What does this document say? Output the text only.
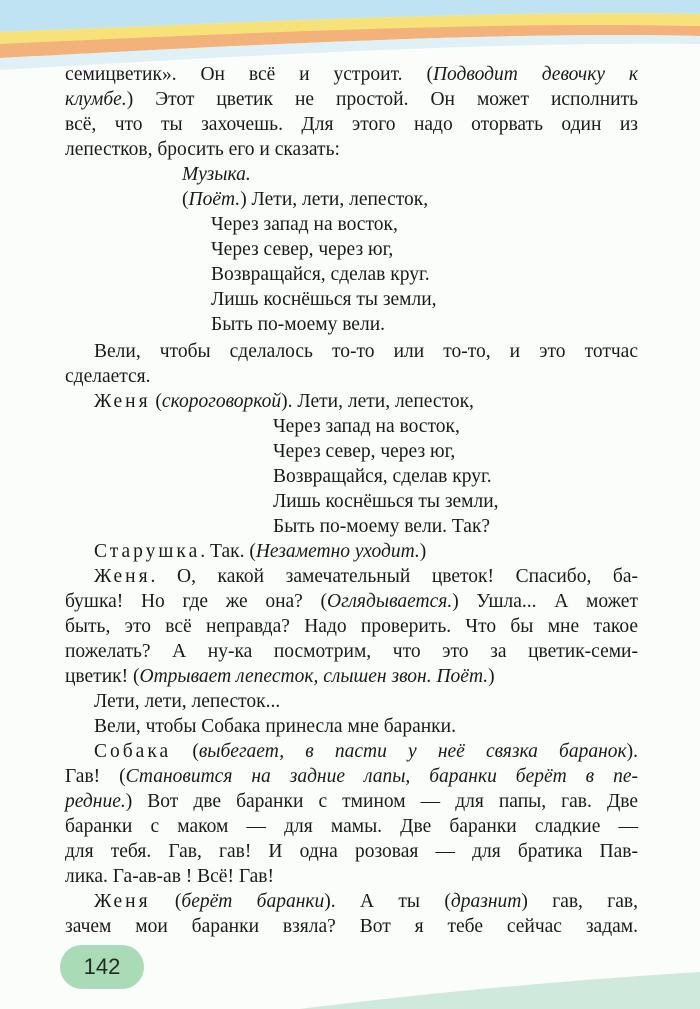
семицветик». Он всё и устроит. (Подводит девочку к

клумбе.) Этот цветик не простой. Он может исполнить

всё, что ты захочешь. Для этого надо оторвать один из

лепестков, бросить его и сказать:

Музыка.

(Поёт.) Лети, лети, лепесток,

Через запад на восток,

Через север, через юг,

Возвращайся, сделав круг.

Лишь коснёшься ты земли,

Быть по-моему вели.

Вели, чтобы сделалось то-то или то-то, и это тотчас

сделается.

Женя (скороговоркой). Лети, лети, лепесток,

Через запад на восток,

Через север, через юг,

Возвращайся, сделав круг.

Лишь коснёшься ты земли,

Быть по-моему вели. Так?

Старушка. Так. (Незаметно уходит.)

Женя. О, какой замечательный цветок! Спасибо, ба-

бушка! Но где же она? (Оглядывается.) Ушла... А может

быть, это всё неправда? Надо проверить. Что бы мне такое

пожелать? А ну-ка посмотрим, что это за цветик-семи-

цветик! (Отрывает лепесток, слышен звон. Поёт.)

Лети, лети, лепесток...

Вели, чтобы Собака принесла мне баранки.

Собака (выбегает, в пасти у неё связка баранок).

Гав! (Становится на задние лапы, баранки берёт в пе-

редние.) Вот две баранки с тмином — для папы, гав. Две

баранки с маком — для мамы. Две баранки сладкие —

для тебя. Гав, гав! И одна розовая — для братика Пав-

лика. Га-ав-ав ! Всё! Гав!

Женя (берёт баранки). А ты (дразнит) гав, гав,

зачем мои баранки взяла? Вот я тебе сейчас задам.

142
